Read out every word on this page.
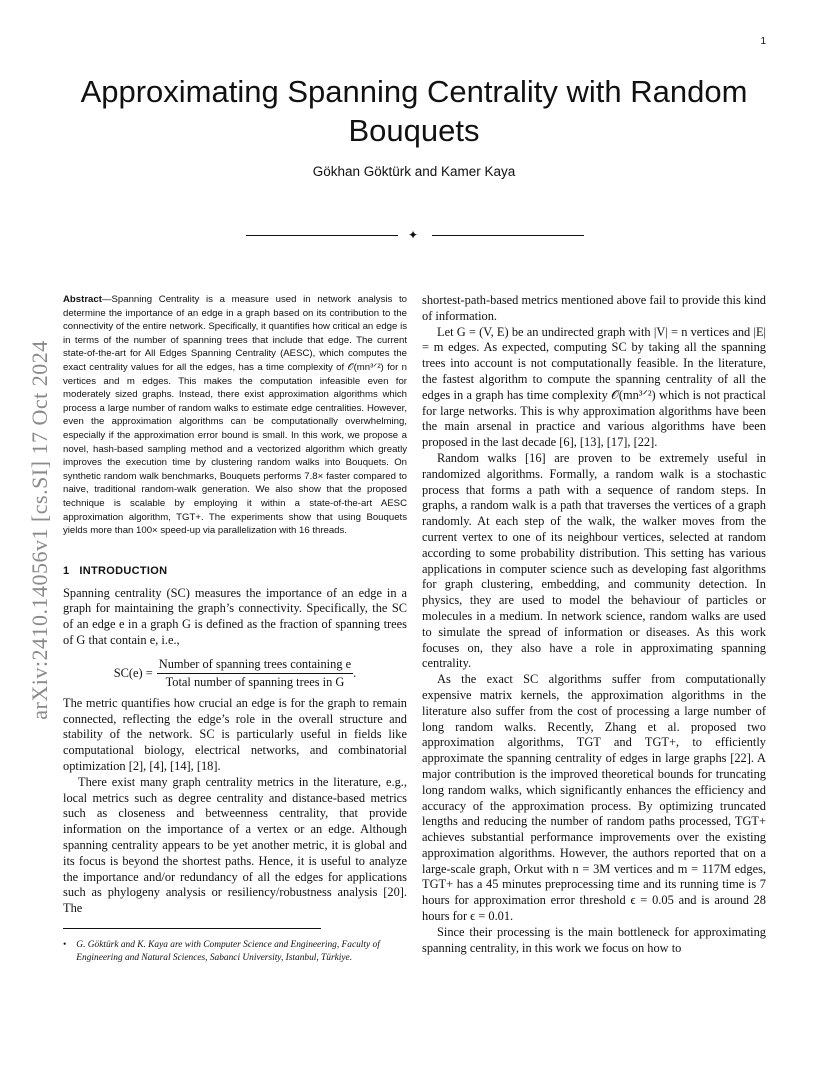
1
arXiv:2410.14056v1 [cs.SI] 17 Oct 2024
Approximating Spanning Centrality with Random Bouquets
Gökhan Göktürk and Kamer Kaya
✦

Abstract—Spanning Centrality is a measure used in network analysis to determine the importance of an edge in a graph based on its contribution to the connectivity of the entire network. Specifically, it quantifies how critical an edge is in terms of the number of spanning trees that include that edge. The current state-of-the-art for All Edges Spanning Centrality (AESC), which computes the exact centrality values for all the edges, has a time complexity of 𝒪(mn³ᐟ²) for n vertices and m edges. This makes the computation infeasible even for moderately sized graphs. Instead, there exist approximation algorithms which process a large number of random walks to estimate edge centralities. However, even the approximation algorithms can be computationally overwhelming, especially if the approximation error bound is small. In this work, we propose a novel, hash-based sampling method and a vectorized algorithm which greatly improves the execution time by clustering random walks into Bouquets. On synthetic random walk benchmarks, Bouquets performs 7.8× faster compared to naive, traditional random-walk generation. We also show that the proposed technique is scalable by employing it within a state-of-the-art AESC approximation algorithm, TGT+. The experiments show that using Bouquets yields more than 100× speed-up via parallelization with 16 threads.

1 INTRODUCTION

Spanning centrality (SC) measures the importance of an edge in a graph for maintaining the graph’s connectivity. Specifically, the SC of an edge e in a graph G is defined as the fraction of spanning trees of G that contain e, i.e.,

$SC(e) = \frac{\text{Number of spanning trees containing e}}{\text{Total number of spanning trees in G}}$ .

The metric quantifies how crucial an edge is for the graph to remain connected, reflecting the edge’s role in the overall structure and stability of the network. SC is particularly useful in fields like computational biology, electrical networks, and combinatorial optimization [2], [4], [14], [18].

There exist many graph centrality metrics in the literature, e.g., local metrics such as degree centrality and distance-based metrics such as closeness and betweenness centrality, that provide information on the importance of a vertex or an edge. Although spanning centrality appears to be yet another metric, it is global and its focus is beyond the shortest paths. Hence, it is useful to analyze the importance and/or redundancy of all the edges for applications such as phylogeny analysis or resiliency/robustness analysis [20]. The

• G. Göktürk and K. Kaya are with Computer Science and Engineering, Faculty of Engineering and Natural Sciences, Sabanci University, Istanbul, Türkiye.

shortest-path-based metrics mentioned above fail to provide this kind of information.

Let G = (V, E) be an undirected graph with |V| = n vertices and |E| = m edges. As expected, computing SC by taking all the spanning trees into account is not computationally feasible. In the literature, the fastest algorithm to compute the spanning centrality of all the edges in a graph has time complexity 𝒪(mn³ᐟ²) which is not practical for large networks. This is why approximation algorithms have been the main arsenal in practice and various algorithms have been proposed in the last decade [6], [13], [17], [22].

Random walks [16] are proven to be extremely useful in randomized algorithms. Formally, a random walk is a stochastic process that forms a path with a sequence of random steps. In graphs, a random walk is a path that traverses the vertices of a graph randomly. At each step of the walk, the walker moves from the current vertex to one of its neighbour vertices, selected at random according to some probability distribution. This setting has various applications in computer science such as developing fast algorithms for graph clustering, embedding, and community detection. In physics, they are used to model the behaviour of particles or molecules in a medium. In network science, random walks are used to simulate the spread of information or diseases. As this work focuses on, they also have a role in approximating spanning centrality.

As the exact SC algorithms suffer from computationally expensive matrix kernels, the approximation algorithms in the literature also suffer from the cost of processing a large number of long random walks. Recently, Zhang et al. proposed two approximation algorithms, TGT and TGT+, to efficiently approximate the spanning centrality of edges in large graphs [22]. A major contribution is the improved theoretical bounds for truncating long random walks, which significantly enhances the efficiency and accuracy of the approximation process. By optimizing truncated lengths and reducing the number of random paths processed, TGT+ achieves substantial performance improvements over the existing approximation algorithms. However, the authors reported that on a large-scale graph, Orkut with n = 3M vertices and m = 117M edges, TGT+ has a 45 minutes preprocessing time and its running time is 7 hours for approximation error threshold ϵ = 0.05 and is around 28 hours for ϵ = 0.01.

Since their processing is the main bottleneck for approximating spanning centrality, in this work we focus on how to
